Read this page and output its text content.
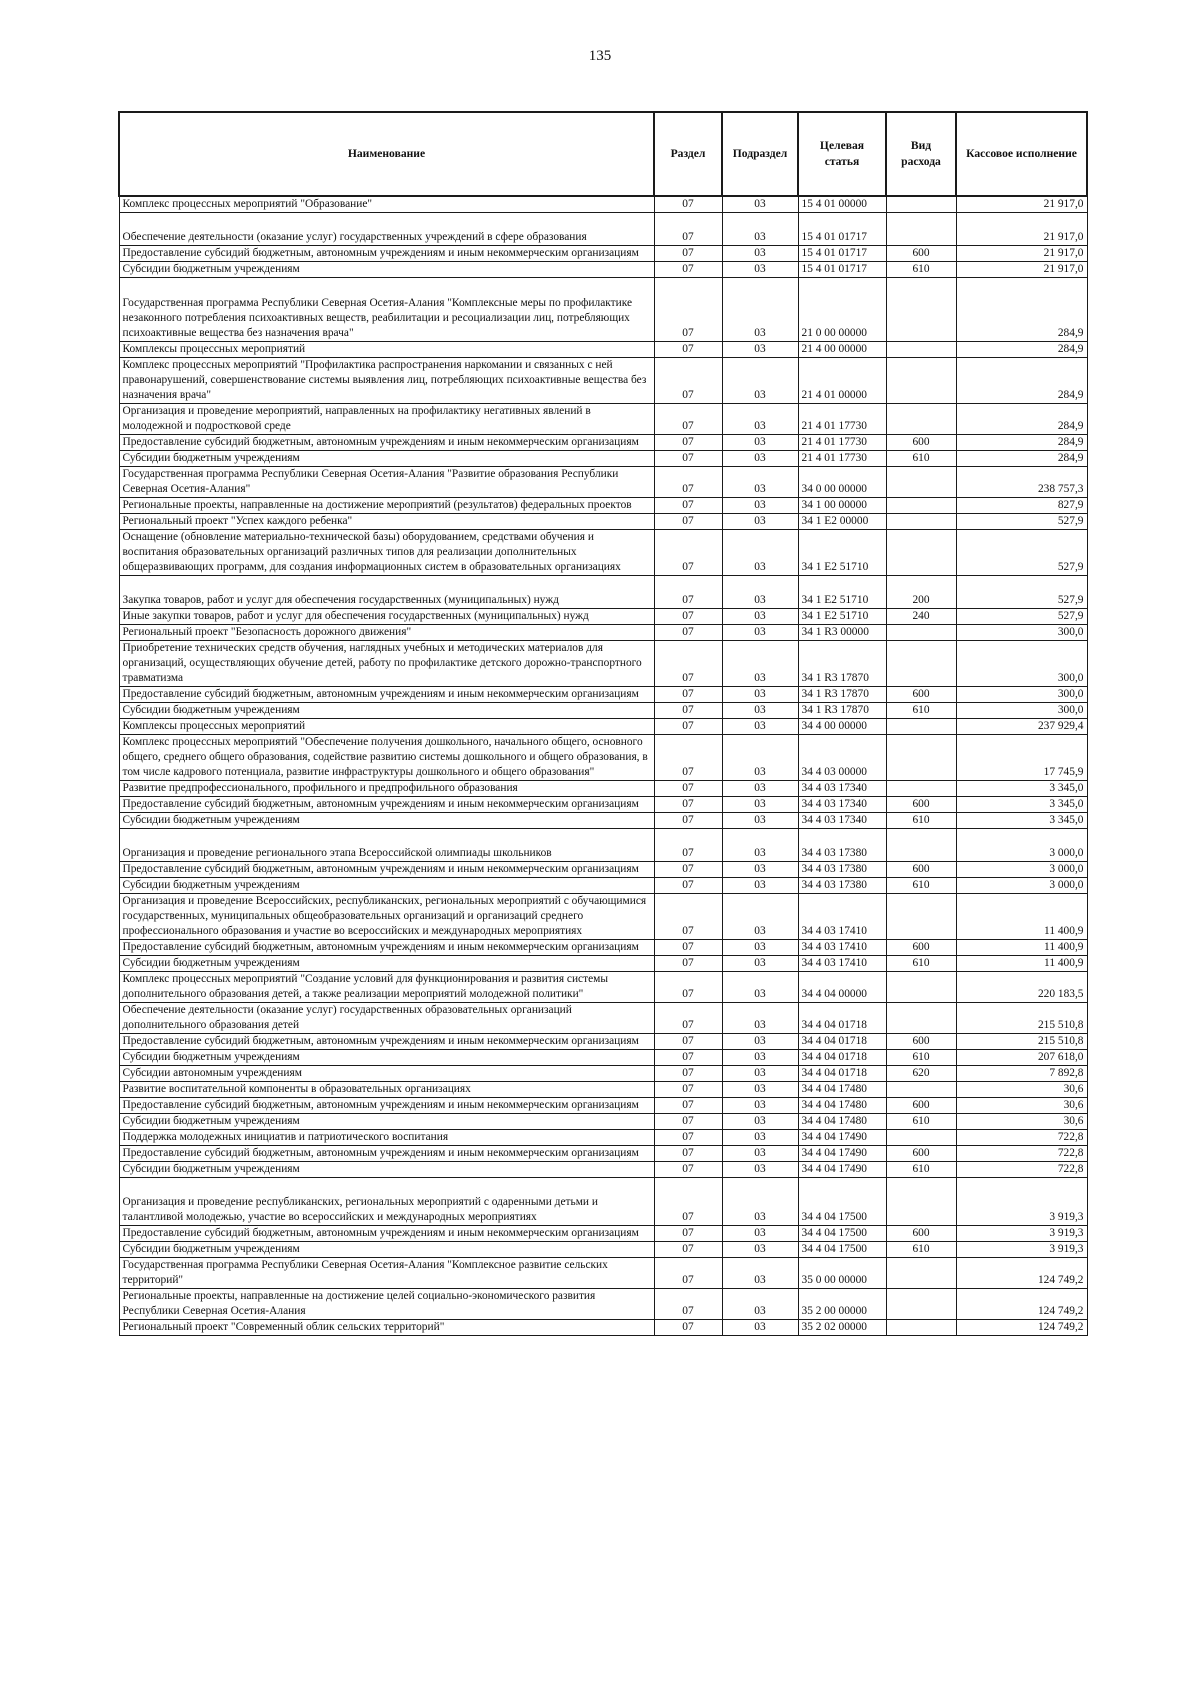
135
Наименование	Раздел	Подраздел	Целевая статья	Вид расхода	Кассовое исполнение
Комплекс процессных мероприятий "Образование"	07	03	15 4 01 00000		21 917,0
Обеспечение деятельности (оказание услуг) государственных учреждений в сфере образования	07	03	15 4 01 01717		21 917,0
Предоставление субсидий бюджетным, автономным учреждениям и иным некоммерческим организациям	07	03	15 4 01 01717	600	21 917,0
Субсидии бюджетным учреждениям	07	03	15 4 01 01717	610	21 917,0
Государственная программа Республики Северная Осетия-Алания "Комплексные меры по профилактике незаконного потребления психоактивных веществ, реабилитации и ресоциализации лиц, потребляющих психоактивные вещества без назначения врача"	07	03	21 0 00 00000		284,9
Комплексы процессных мероприятий	07	03	21 4 00 00000		284,9
Комплекс процессных мероприятий "Профилактика распространения наркомании и связанных с ней правонарушений, совершенствование системы выявления лиц, потребляющих психоактивные вещества без назначения врача"	07	03	21 4 01 00000		284,9
Организация и проведение мероприятий, направленных на профилактику негативных явлений в молодежной и подростковой среде	07	03	21 4 01 17730		284,9
Предоставление субсидий бюджетным, автономным учреждениям и иным некоммерческим организациям	07	03	21 4 01 17730	600	284,9
Субсидии бюджетным учреждениям	07	03	21 4 01 17730	610	284,9
Государственная программа Республики Северная Осетия-Алания "Развитие образования Республики Северная Осетия-Алания"	07	03	34 0 00 00000		238 757,3
Региональные проекты, направленные на достижение мероприятий (результатов) федеральных проектов	07	03	34 1 00 00000		827,9
Региональный проект "Успех каждого ребенка"	07	03	34 1 E2 00000		527,9
Оснащение (обновление материально-технической базы) оборудованием, средствами обучения и воспитания образовательных организаций различных типов для реализации дополнительных общеразвивающих программ, для создания информационных систем в образовательных организациях	07	03	34 1 E2 51710		527,9
Закупка товаров, работ и услуг для обеспечения государственных (муниципальных) нужд	07	03	34 1 E2 51710	200	527,9
Иные закупки товаров, работ и услуг для обеспечения государственных (муниципальных) нужд	07	03	34 1 E2 51710	240	527,9
Региональный проект "Безопасность дорожного движения"	07	03	34 1 R3 00000		300,0
Приобретение технических средств обучения, наглядных учебных и методических материалов для организаций, осуществляющих обучение детей, работу по профилактике детского дорожно-транспортного травматизма	07	03	34 1 R3 17870		300,0
Предоставление субсидий бюджетным, автономным учреждениям и иным некоммерческим организациям	07	03	34 1 R3 17870	600	300,0
Субсидии бюджетным учреждениям	07	03	34 1 R3 17870	610	300,0
Комплексы процессных мероприятий	07	03	34 4 00 00000		237 929,4
Комплекс процессных мероприятий "Обеспечение получения дошкольного, начального общего, основного общего, среднего общего образования, содействие развитию системы дошкольного и общего образования, в том числе кадрового потенциала, развитие инфраструктуры дошкольного и общего образования"	07	03	34 4 03 00000		17 745,9
Развитие предпрофессионального, профильного и предпрофильного образования	07	03	34 4 03 17340		3 345,0
Предоставление субсидий бюджетным, автономным учреждениям и иным некоммерческим организациям	07	03	34 4 03 17340	600	3 345,0
Субсидии бюджетным учреждениям	07	03	34 4 03 17340	610	3 345,0
Организация и проведение регионального этапа Всероссийской олимпиады школьников	07	03	34 4 03 17380		3 000,0
Предоставление субсидий бюджетным, автономным учреждениям и иным некоммерческим организациям	07	03	34 4 03 17380	600	3 000,0
Субсидии бюджетным учреждениям	07	03	34 4 03 17380	610	3 000,0
Организация и проведение Всероссийских, республиканских, региональных мероприятий с обучающимися государственных, муниципальных общеобразовательных организаций и организаций среднего профессионального образования и участие во всероссийских и международных мероприятиях	07	03	34 4 03 17410		11 400,9
Предоставление субсидий бюджетным, автономным учреждениям и иным некоммерческим организациям	07	03	34 4 03 17410	600	11 400,9
Субсидии бюджетным учреждениям	07	03	34 4 03 17410	610	11 400,9
Комплекс процессных мероприятий "Создание условий для функционирования и развития системы дополнительного образования детей, а также реализации мероприятий молодежной политики"	07	03	34 4 04 00000		220 183,5
Обеспечение деятельности (оказание услуг) государственных образовательных организаций дополнительного образования детей	07	03	34 4 04 01718		215 510,8
Предоставление субсидий бюджетным, автономным учреждениям и иным некоммерческим организациям	07	03	34 4 04 01718	600	215 510,8
Субсидии бюджетным учреждениям	07	03	34 4 04 01718	610	207 618,0
Субсидии автономным учреждениям	07	03	34 4 04 01718	620	7 892,8
Развитие воспитательной компоненты в образовательных организациях	07	03	34 4 04 17480		30,6
Предоставление субсидий бюджетным, автономным учреждениям и иным некоммерческим организациям	07	03	34 4 04 17480	600	30,6
Субсидии бюджетным учреждениям	07	03	34 4 04 17480	610	30,6
Поддержка молодежных инициатив и патриотического воспитания	07	03	34 4 04 17490		722,8
Предоставление субсидий бюджетным, автономным учреждениям и иным некоммерческим организациям	07	03	34 4 04 17490	600	722,8
Субсидии бюджетным учреждениям	07	03	34 4 04 17490	610	722,8
Организация и проведение республиканских, региональных мероприятий с одаренными детьми и талантливой молодежью, участие во всероссийских и международных мероприятиях	07	03	34 4 04 17500		3 919,3
Предоставление субсидий бюджетным, автономным учреждениям и иным некоммерческим организациям	07	03	34 4 04 17500	600	3 919,3
Субсидии бюджетным учреждениям	07	03	34 4 04 17500	610	3 919,3
Государственная программа Республики Северная Осетия-Алания "Комплексное развитие сельских территорий"	07	03	35 0 00 00000		124 749,2
Региональные проекты, направленные на достижение целей социально-экономического развития Республики Северная Осетия-Алания	07	03	35 2 00 00000		124 749,2
Региональный проект "Современный облик сельских территорий"	07	03	35 2 02 00000		124 749,2
